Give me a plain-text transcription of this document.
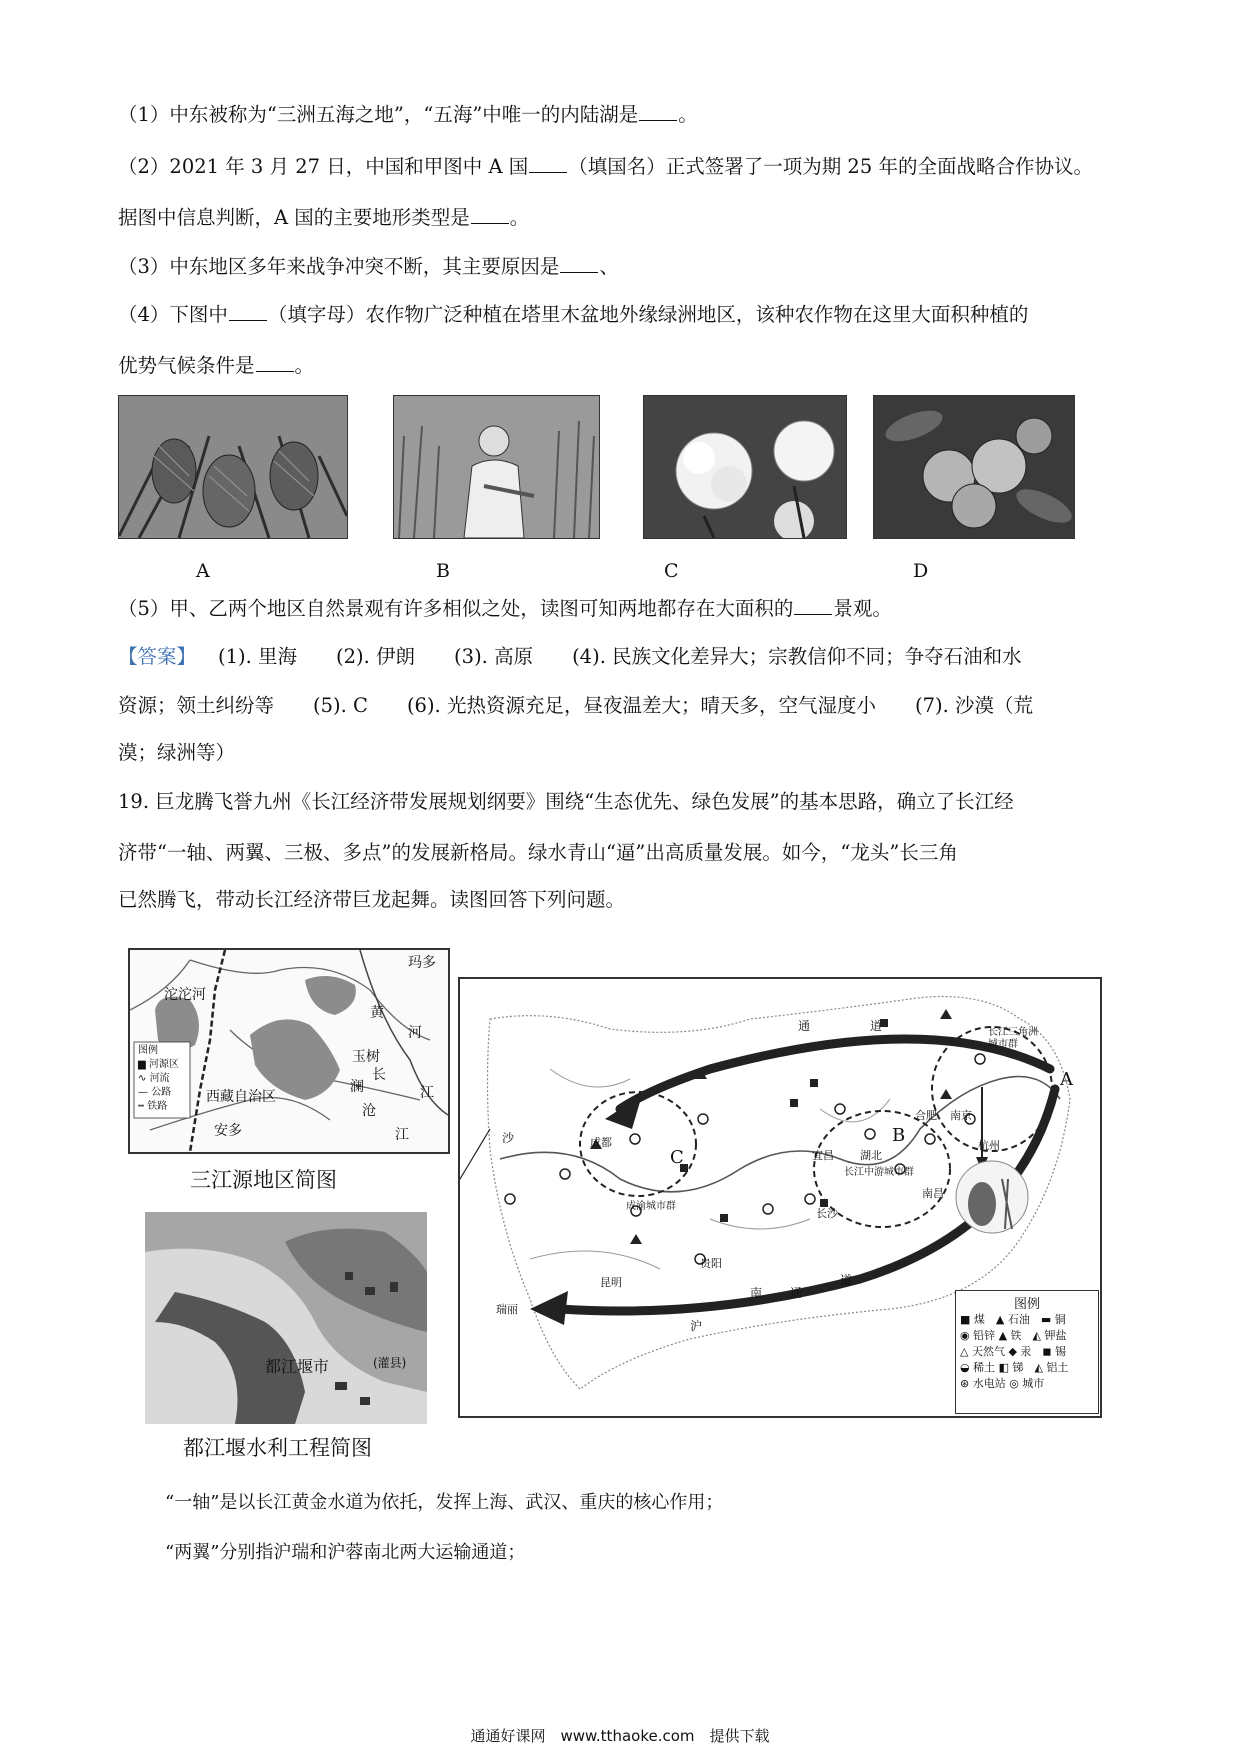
（1）中东被称为“三洲五海之地”，“五海”中唯一的内陆湖是 。
（2）2021 年 3 月 27 日，中国和甲图中 A 国 （填国名）正式签署了一项为期 25 年的全面战略合作协议。
据图中信息判断，A 国的主要地形类型是 。
（3）中东地区多年来战争冲突不断，其主要原因是 、
（4）下图中 （填字母）农作物广泛种植在塔里木盆地外缘绿洲地区，该种农作物在这里大面积种植的
优势气候条件是 。
A	B	C	D
（5）甲、乙两个地区自然景观有许多相似之处，读图可知两地都存在大面积的 景观。
【答案】 (1). 里海　　(2). 伊朗　　(3). 高原　　(4). 民族文化差异大；宗教信仰不同；争夺石油和水
资源；领土纠纷等　　(5). C　　(6). 光热资源充足，昼夜温差大；晴天多，空气湿度小　　(7). 沙漠（荒
漠；绿洲等）
19. 巨龙腾飞誉九州《长江经济带发展规划纲要》围绕“生态优先、绿色发展”的基本思路，确立了长江经
济带“一轴、两翼、三极、多点”的发展新格局。绿水青山“逼”出高质量发展。如今，“龙头”长三角
已然腾飞，带动长江经济带巨龙起舞。读图回答下列问题。
沱沱河
玛多
黄
河
玉树
长
江
澜
沧
江
西藏自治区
安多
图例
▆ 河源区
∿ 河流
— 公路
┅ 铁路
三江源地区简图
都江堰市	(灌县)
都江堰水利工程简图
长江三角洲
城市群
A
B
C
南京
合肥
杭州
成都
宜昌 湖北
长江中游城市群
南昌
长沙
成渝城市群
贵阳
昆明
瑞丽
通	道
沪
南 通
道
沙
图例
■ 煤　▲ 石油　▬ 铜
◉ 铅锌 ▲ 铁　◭ 钾盐
△ 天然气 ◆ 汞　◼ 锡
◒ 稀土 ◧ 锑　◭ 铝土
⊛ 水电站 ◎ 城市
“一轴”是以长江黄金水道为依托，发挥上海、武汉、重庆的核心作用；
“两翼”分别指沪瑞和沪蓉南北两大运输通道；
通通好课网　www.tthaoke.com　提供下载
